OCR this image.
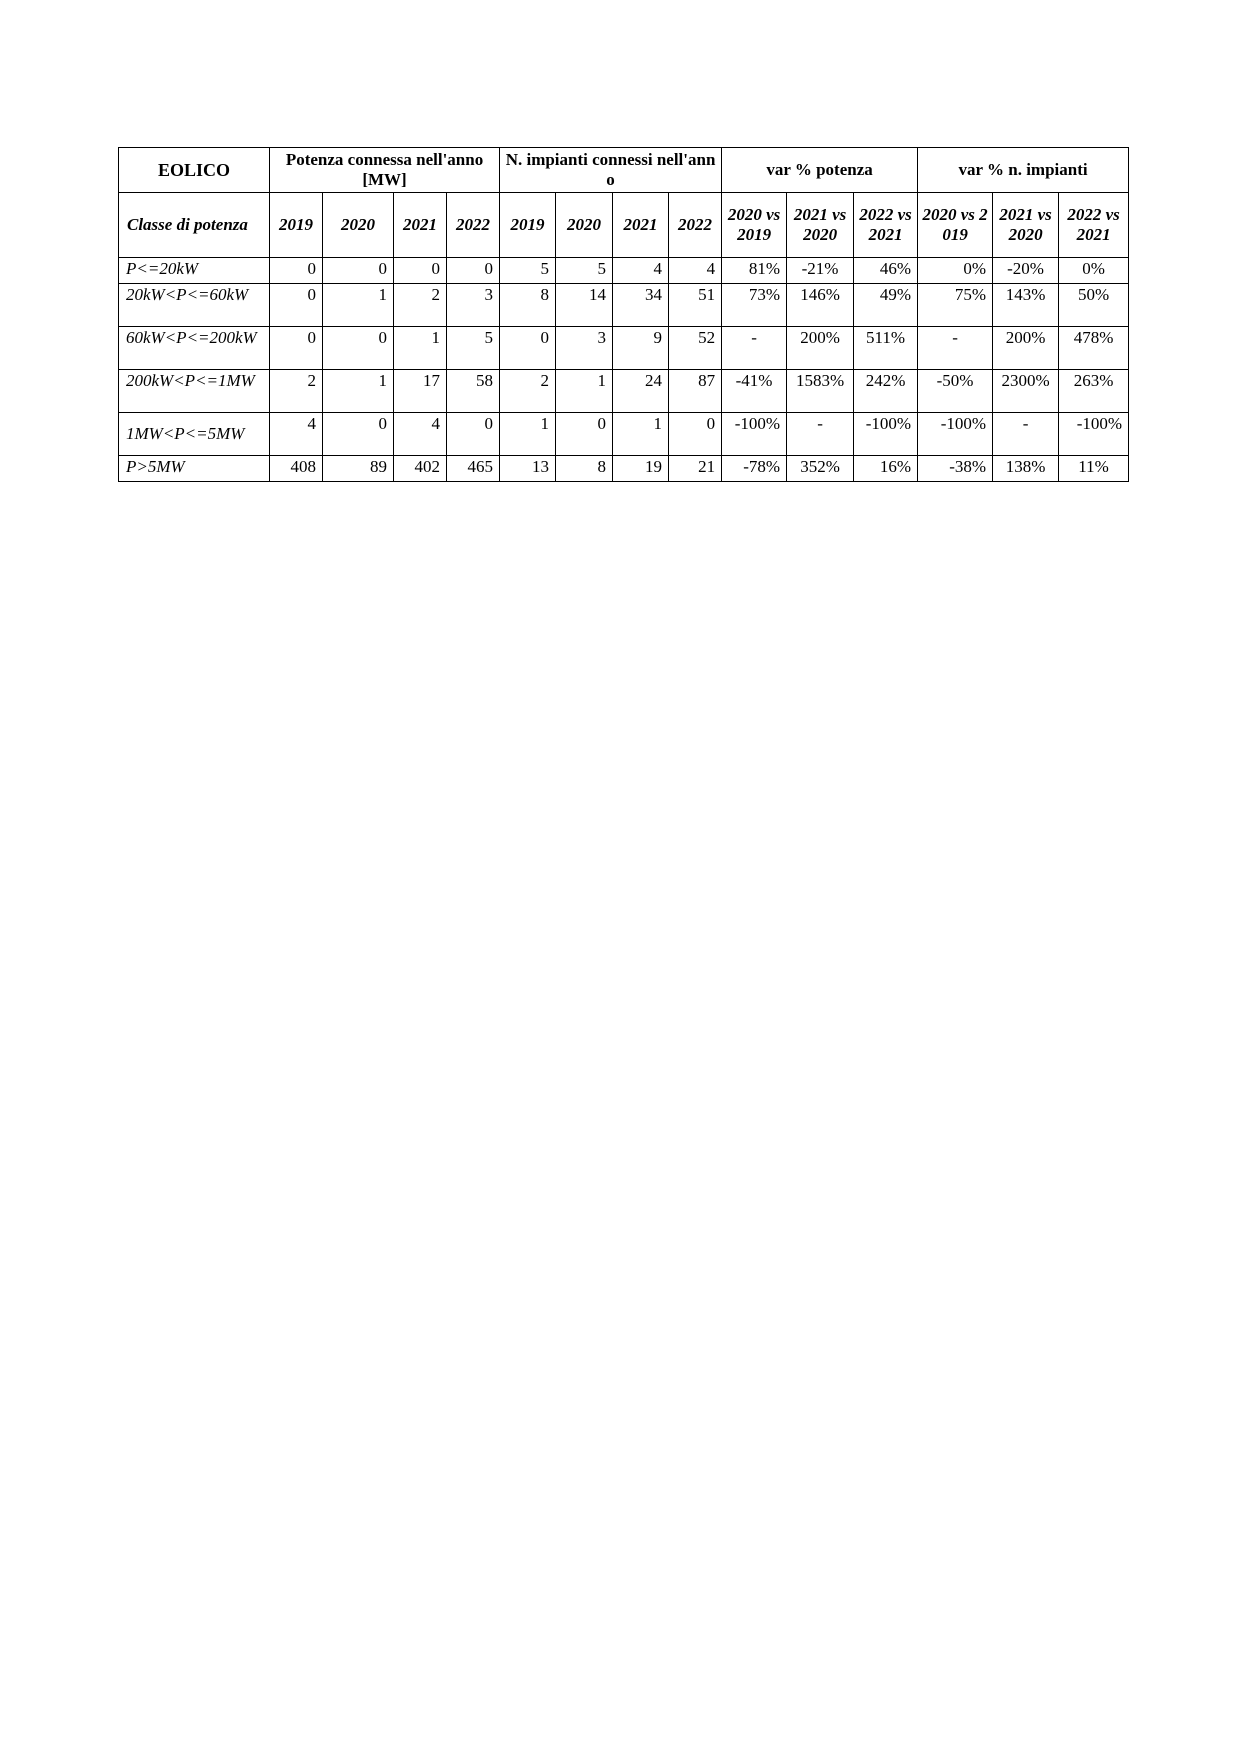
EOLICO	Potenza connessa nell'anno [MW]				N. impianti connessi nell'anno				var % potenza			var % n. impianti		
Classe di potenza	2019	2020	2021	2022	2019	2020	2021	2022	2020 vs 2019	2021 vs 2020	2022 vs 2021	2020 vs 2019	2021 vs 2020	2022 vs 2021
P<=20kW	0	0	0	0	5	5	4	4	81%	-21%	46%	0%	-20%	0%
20kW<P<=60kW	0	1	2	3	8	14	34	51	73%	146%	49%	75%	143%	50%
60kW<P<=200kW	0	0	1	5	0	3	9	52	-	200%	511%	-	200%	478%
200kW<P<=1MW	2	1	17	58	2	1	24	87	-41%	1583%	242%	-50%	2300%	263%
1MW<P<=5MW	4	0	4	0	1	0	1	0	-100%	-	-100%	-100%	-	-100%
P>5MW	408	89	402	465	13	8	19	21	-78%	352%	16%	-38%	138%	11%
